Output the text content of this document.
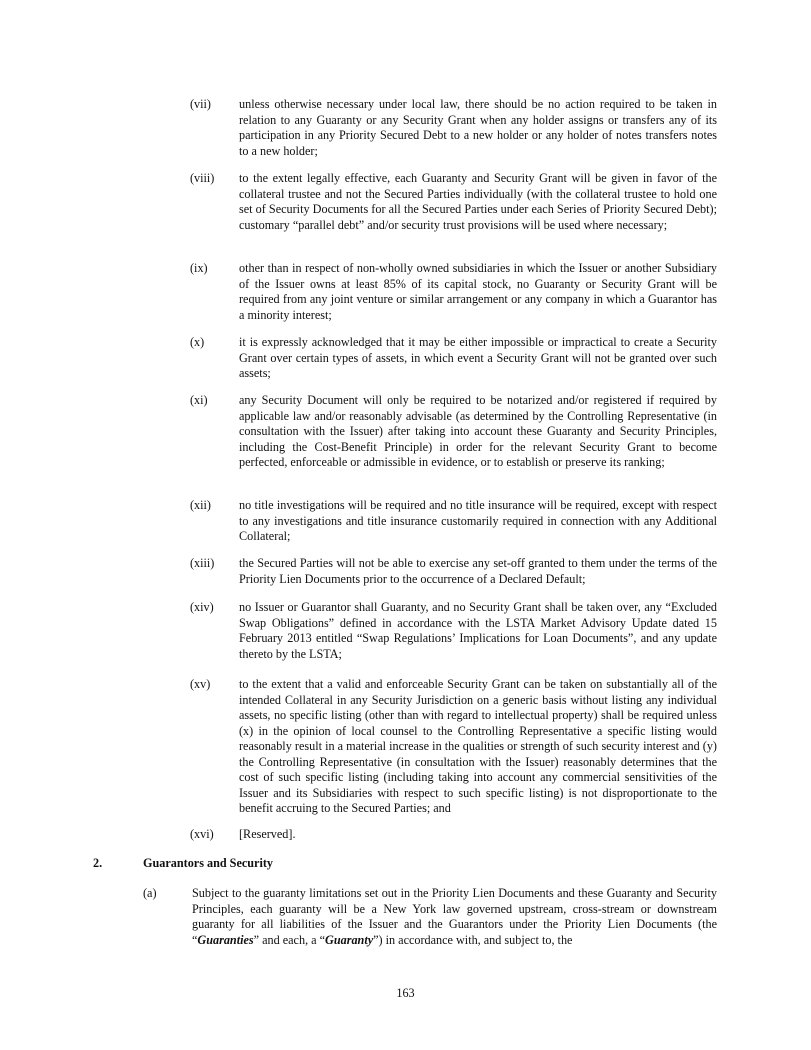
(vii) unless otherwise necessary under local law, there should be no action required to be taken in relation to any Guaranty or any Security Grant when any holder assigns or transfers any of its participation in any Priority Secured Debt to a new holder or any holder of notes transfers notes to a new holder;
(viii) to the extent legally effective, each Guaranty and Security Grant will be given in favor of the collateral trustee and not the Secured Parties individually (with the collateral trustee to hold one set of Security Documents for all the Secured Parties under each Series of Priority Secured Debt); customary “parallel debt” and/or security trust provisions will be used where necessary;
(ix)	other than in respect of non-wholly owned subsidiaries in which the Issuer or another Subsidiary of the Issuer owns at least 85% of its capital stock, no Guaranty or Security Grant will be required from any joint venture or similar arrangement or any company in which a Guarantor has a minority interest;
(x)	it is expressly acknowledged that it may be either impossible or impractical to create a Security Grant over certain types of assets, in which event a Security Grant will not be granted over such assets;
(xi)	any Security Document will only be required to be notarized and/or registered if required by applicable law and/or reasonably advisable (as determined by the Controlling Representative (in consultation with the Issuer) after taking into account these Guaranty and Security Principles, including the Cost-Benefit Principle) in order for the relevant Security Grant to become perfected, enforceable or admissible in evidence, or to establish or preserve its ranking;
(xii) no title investigations will be required and no title insurance will be required, except with respect to any investigations and title insurance customarily required in connection with any Additional Collateral;
(xiii) the Secured Parties will not be able to exercise any set-off granted to them under the terms of the Priority Lien Documents prior to the occurrence of a Declared Default;
(xiv) no Issuer or Guarantor shall Guaranty, and no Security Grant shall be taken over, any “Excluded Swap Obligations” defined in accordance with the LSTA Market Advisory Update dated 15 February 2013 entitled “Swap Regulations’ Implications for Loan Documents”, and any update thereto by the LSTA;
(xv) to the extent that a valid and enforceable Security Grant can be taken on substantially all of the intended Collateral in any Security Jurisdiction on a generic basis without listing any individual assets, no specific listing (other than with regard to intellectual property) shall be required unless (x) in the opinion of local counsel to the Controlling Representative a specific listing would reasonably result in a material increase in the qualities or strength of such security interest and (y) the Controlling Representative (in consultation with the Issuer) reasonably determines that the cost of such specific listing (including taking into account any commercial sensitivities of the Issuer and its Subsidiaries with respect to such specific listing) is not disproportionate to the benefit accruing to the Secured Parties; and
(xvi) [Reserved].
2.	Guarantors and Security
(a)	Subject to the guaranty limitations set out in the Priority Lien Documents and these Guaranty and Security Principles, each guaranty will be a New York law governed upstream, cross-stream or downstream guaranty for all liabilities of the Issuer and the Guarantors under the Priority Lien Documents (the “Guaranties” and each, a “Guaranty”) in accordance with, and subject to, the
163
